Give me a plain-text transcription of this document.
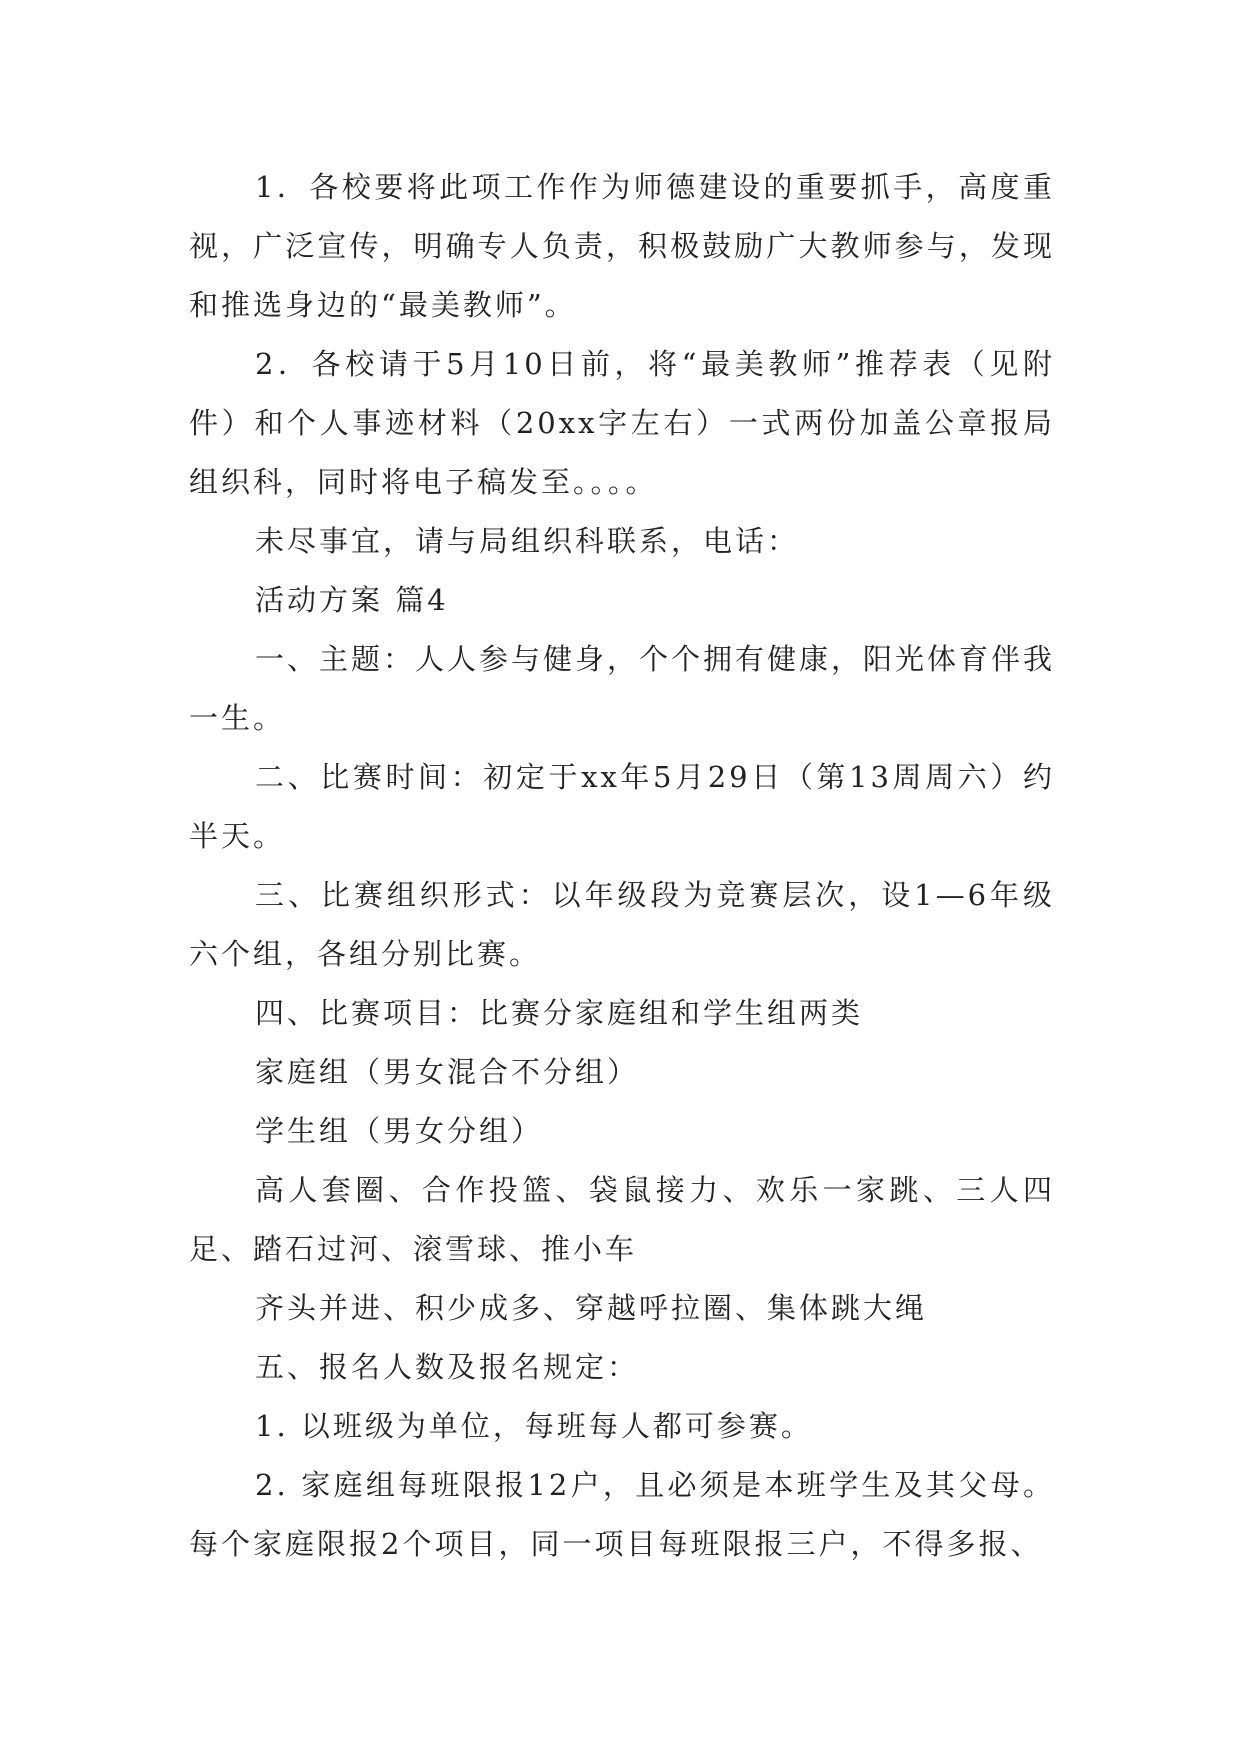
1．各校要将此项工作作为师德建设的重要抓手，高度重视，广泛宣传，明确专人负责，积极鼓励广大教师参与，发现和推选身边的“最美教师”。

2．各校请于5月10日前，将“最美教师”推荐表（见附件）和个人事迹材料（20xx字左右）一式两份加盖公章报局组织科，同时将电子稿发至。。。。

未尽事宜，请与局组织科联系，电话：

活动方案 篇4

一、主题：人人参与健身，个个拥有健康，阳光体育伴我一生。

二、比赛时间：初定于xx年5月29日（第13周周六）约半天。

三、比赛组织形式：以年级段为竞赛层次，设1—6年级六个组，各组分别比赛。

四、比赛项目：比赛分家庭组和学生组两类

家庭组（男女混合不分组）

学生组（男女分组）

高人套圈、合作投篮、袋鼠接力、欢乐一家跳、三人四足、踏石过河、滚雪球、推小车

齐头并进、积少成多、穿越呼拉圈、集体跳大绳

五、报名人数及报名规定：

1. 以班级为单位，每班每人都可参赛。

2. 家庭组每班限报12户，且必须是本班学生及其父母。每个家庭限报2个项目，同一项目每班限报三户，不得多报、
